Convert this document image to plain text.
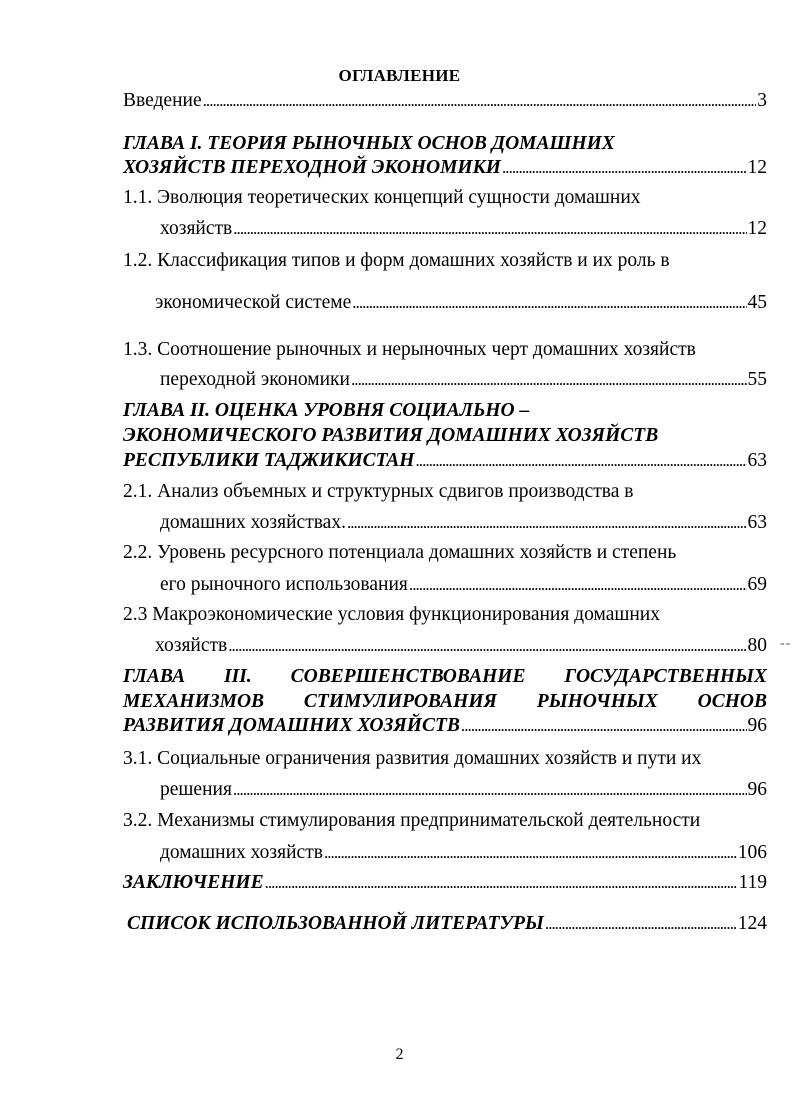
ОГЛАВЛЕНИЕ
Введение . . .	3
ГЛАВА I. ТЕОРИЯ РЫНОЧНЫХ ОСНОВ ДОМАШНИХ
ХОЗЯЙСТВ ПЕРЕХОДНОЙ ЭКОНОМИКИ . . .	12
1.1. Эволюция теоретических концепций сущности домашних
хозяйств . . .	12
1.2. Классификация типов и форм домашних хозяйств и их роль в
экономической системе . . .	45
1.3. Соотношение рыночных и нерыночных черт домашних хозяйств
переходной экономики . . .	55
ГЛАВА II. ОЦЕНКА УРОВНЯ СОЦИАЛЬНО –
ЭКОНОМИЧЕСКОГО РАЗВИТИЯ ДОМАШНИХ ХОЗЯЙСТВ
РЕСПУБЛИКИ ТАДЖИКИСТАН . . .	63
2.1. Анализ объемных и структурных сдвигов производства в
домашних хозяйствах. . . .	63
2.2. Уровень ресурсного потенциала домашних хозяйств и степень
его рыночного использования . . .	69
2.3 Макроэкономические условия функционирования домашних
хозяйств . . .	80 --
ГЛАВА III. СОВЕРШЕНСТВОВАНИЕ ГОСУДАРСТВЕННЫХ
МЕХАНИЗМОВ СТИМУЛИРОВАНИЯ РЫНОЧНЫХ ОСНОВ
РАЗВИТИЯ ДОМАШНИХ ХОЗЯЙСТВ . . .	96
3.1. Социальные ограничения развития домашних хозяйств и пути их
решения . . .	96
3.2. Механизмы стимулирования предпринимательской деятельности
домашних хозяйств . . .	106
ЗАКЛЮЧЕНИЕ . . .	119
СПИСОК ИСПОЛЬЗОВАННОЙ ЛИТЕРАТУРЫ . . .	124
2
